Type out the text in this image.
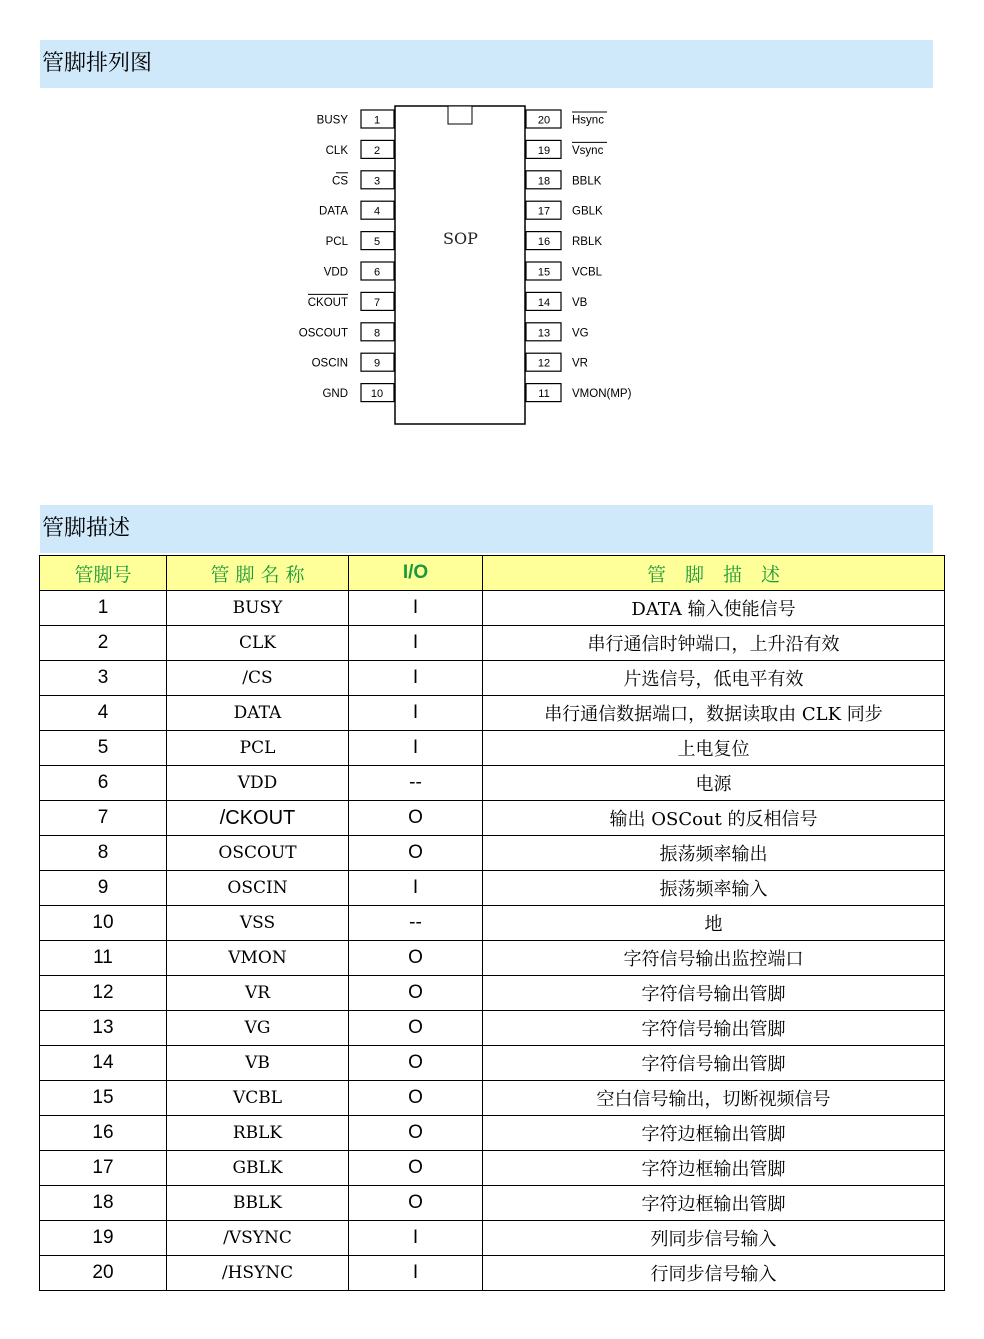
管脚排列图
SOP
1
BUSY
2
CLK
3
CS
4
DATA
5
PCL
6
VDD
7
CKOUT
8
OSCOUT
9
OSCIN
10
GND
20 Hsync
19 Vsync
18 BBLK
17 GBLK
16 RBLK
15 VCBL
14 VB
13 VG
12 VR
11 VMON(MP)
管脚描述
管脚号	管 脚 名 称	I/O	管　脚　描　述
1	BUSY	I	DATA 输入使能信号
2	CLK	I	串行通信时钟端口，上升沿有效
3	/CS	I	片选信号，低电平有效
4	DATA	I	串行通信数据端口，数据读取由 CLK 同步
5	PCL	I	上电复位
6	VDD	--	电源
7	/CKOUT	O	输出 OSCout 的反相信号
8	OSCOUT	O	振荡频率输出
9	OSCIN	I	振荡频率输入
10	VSS	--	地
11	VMON	O	字符信号输出监控端口
12	VR	O	字符信号输出管脚
13	VG	O	字符信号输出管脚
14	VB	O	字符信号输出管脚
15	VCBL	O	空白信号输出，切断视频信号
16	RBLK	O	字符边框输出管脚
17	GBLK	O	字符边框输出管脚
18	BBLK	O	字符边框输出管脚
19	/VSYNC	I	列同步信号输入
20	/HSYNC	I	行同步信号输入
